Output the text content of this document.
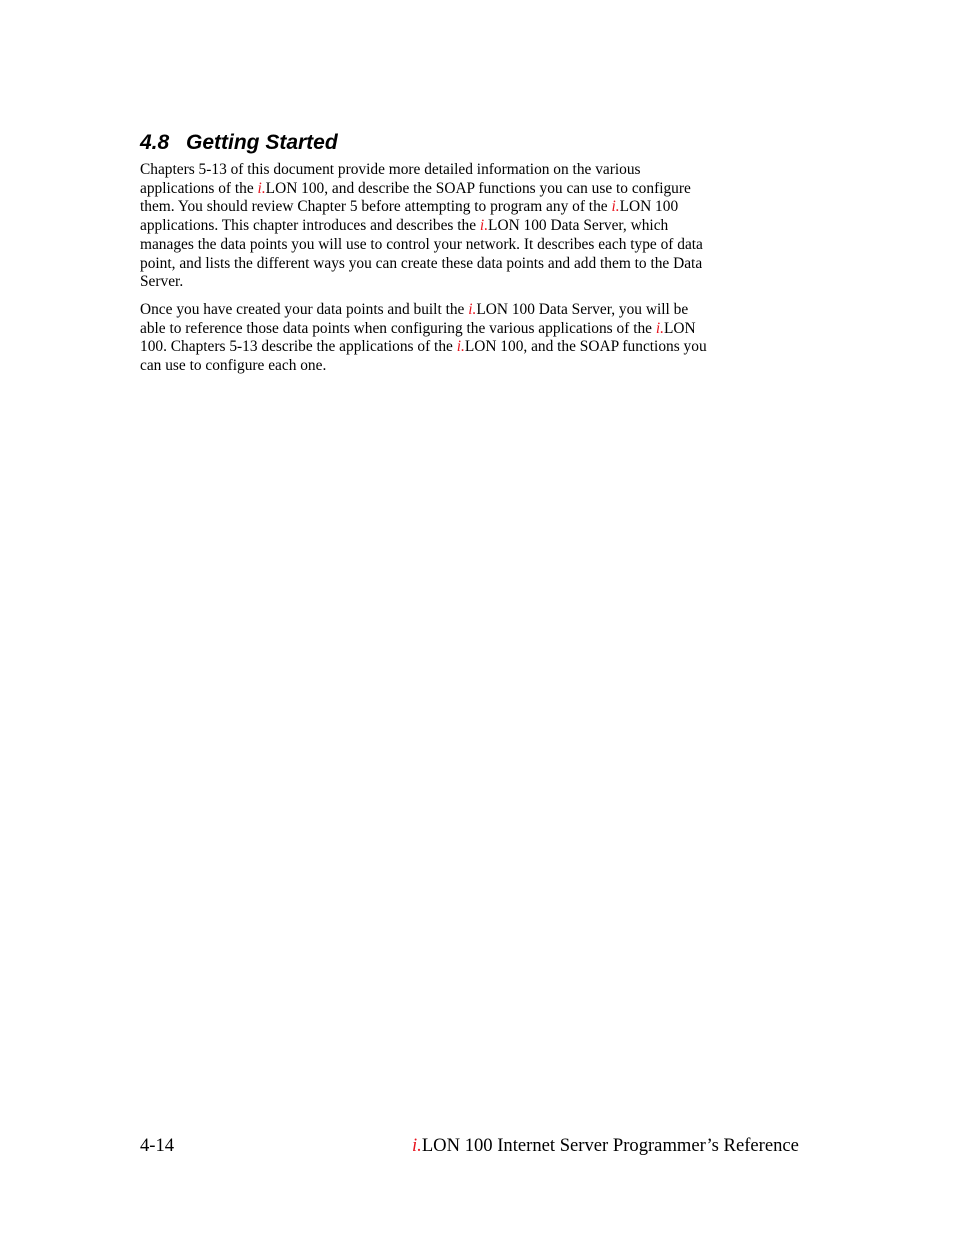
4.8 Getting Started

Chapters 5-13 of this document provide more detailed information on the various
applications of the i.LON 100, and describe the SOAP functions you can use to configure
them. You should review Chapter 5 before attempting to program any of the i.LON 100
applications. This chapter introduces and describes the i.LON 100 Data Server, which
manages the data points you will use to control your network. It describes each type of data
point, and lists the different ways you can create these data points and add them to the Data
Server.

Once you have created your data points and built the i.LON 100 Data Server, you will be
able to reference those data points when configuring the various applications of the i.LON
100. Chapters 5-13 describe the applications of the i.LON 100, and the SOAP functions you
can use to configure each one.

4-14	i.LON 100 Internet Server Programmer’s Reference
